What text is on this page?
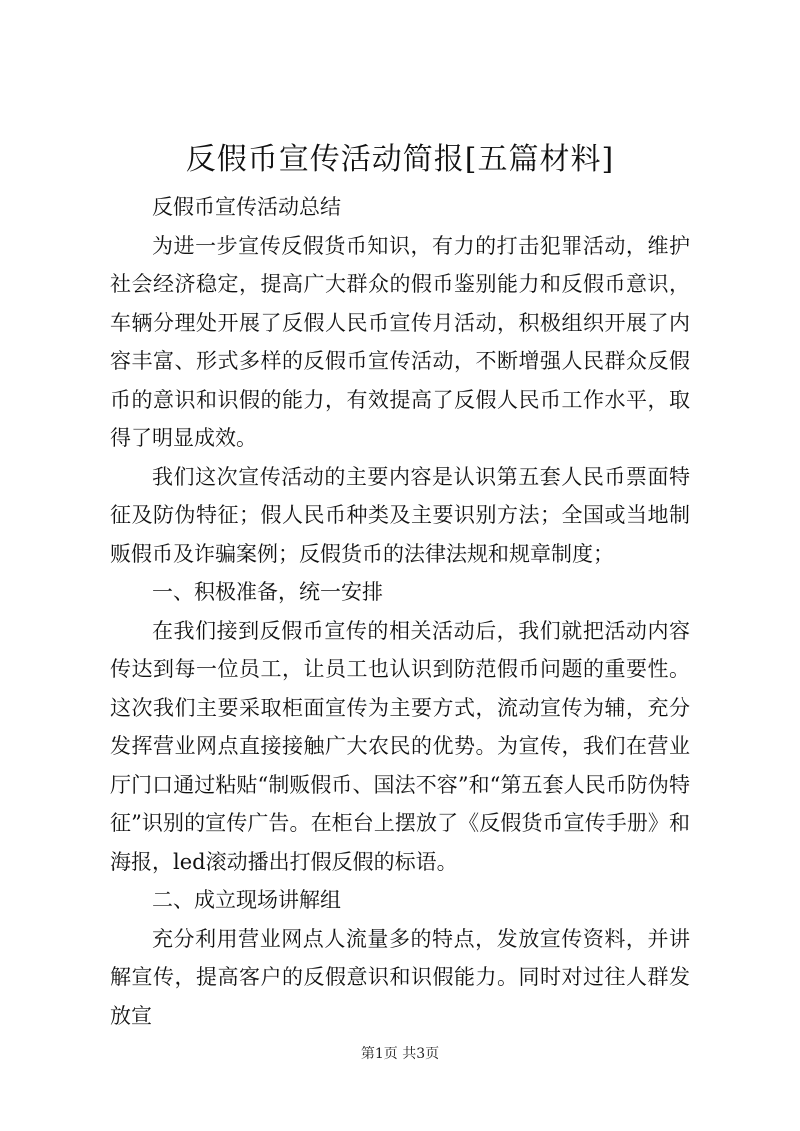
反假币宣传活动简报[五篇材料]

反假币宣传活动总结

为进一步宣传反假货币知识，有力的打击犯罪活动，维护社会经济稳定，提高广大群众的假币鉴别能力和反假币意识，车辆分理处开展了反假人民币宣传月活动，积极组织开展了内容丰富、形式多样的反假币宣传活动，不断增强人民群众反假币的意识和识假的能力，有效提高了反假人民币工作水平，取得了明显成效。

我们这次宣传活动的主要内容是认识第五套人民币票面特征及防伪特征；假人民币种类及主要识别方法；全国或当地制贩假币及诈骗案例；反假货币的法律法规和规章制度；

一、积极准备，统一安排

在我们接到反假币宣传的相关活动后，我们就把活动内容传达到每一位员工，让员工也认识到防范假币问题的重要性。这次我们主要采取柜面宣传为主要方式，流动宣传为辅，充分发挥营业网点直接接触广大农民的优势。为宣传，我们在营业厅门口通过粘贴“制贩假币、国法不容”和“第五套人民币防伪特征”识别的宣传广告。在柜台上摆放了《反假货币宣传手册》和海报，led滚动播出打假反假的标语。

二、成立现场讲解组

充分利用营业网点人流量多的特点，发放宣传资料，并讲解宣传，提高客户的反假意识和识假能力。同时对过往人群发放宣

第1页 共3页
